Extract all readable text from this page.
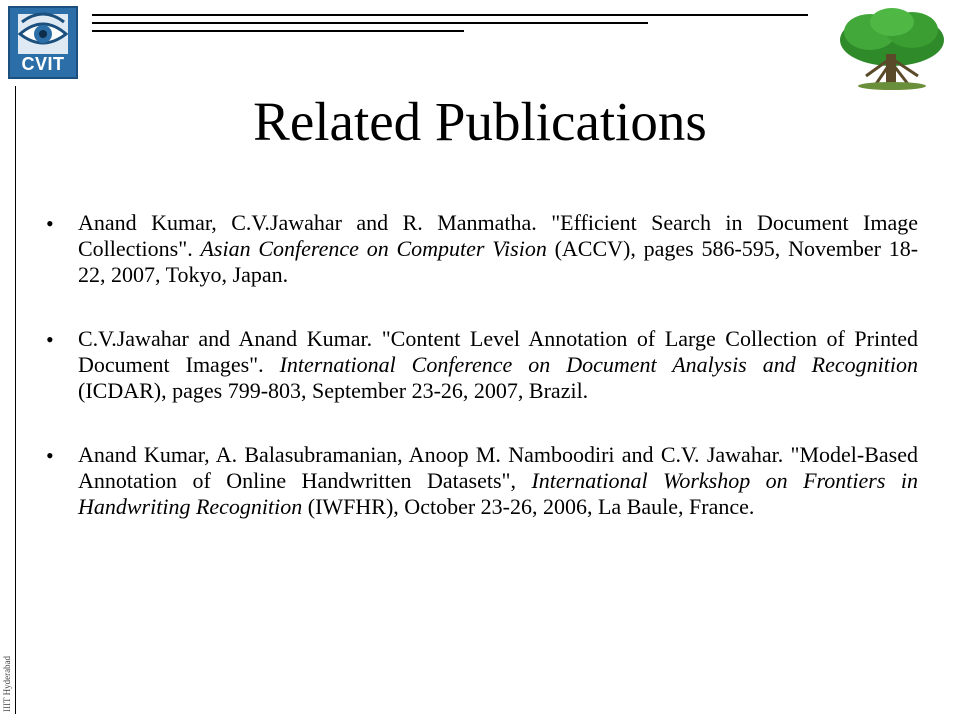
CVIT
IIIT Hyderabad
Related Publications
• Anand Kumar, C.V.Jawahar and R. Manmatha. "Efficient Search in Document Image Collections". Asian Conference on Computer Vision (ACCV), pages 586-595, November 18-22, 2007, Tokyo, Japan.

• C.V.Jawahar and Anand Kumar. "Content Level Annotation of Large Collection of Printed Document Images". International Conference on Document Analysis and Recognition (ICDAR), pages 799-803, September 23-26, 2007, Brazil.

• Anand Kumar, A. Balasubramanian, Anoop M. Namboodiri and C.V. Jawahar. "Model-Based Annotation of Online Handwritten Datasets", International Workshop on Frontiers in Handwriting Recognition (IWFHR), October 23-26, 2006, La Baule, France.
